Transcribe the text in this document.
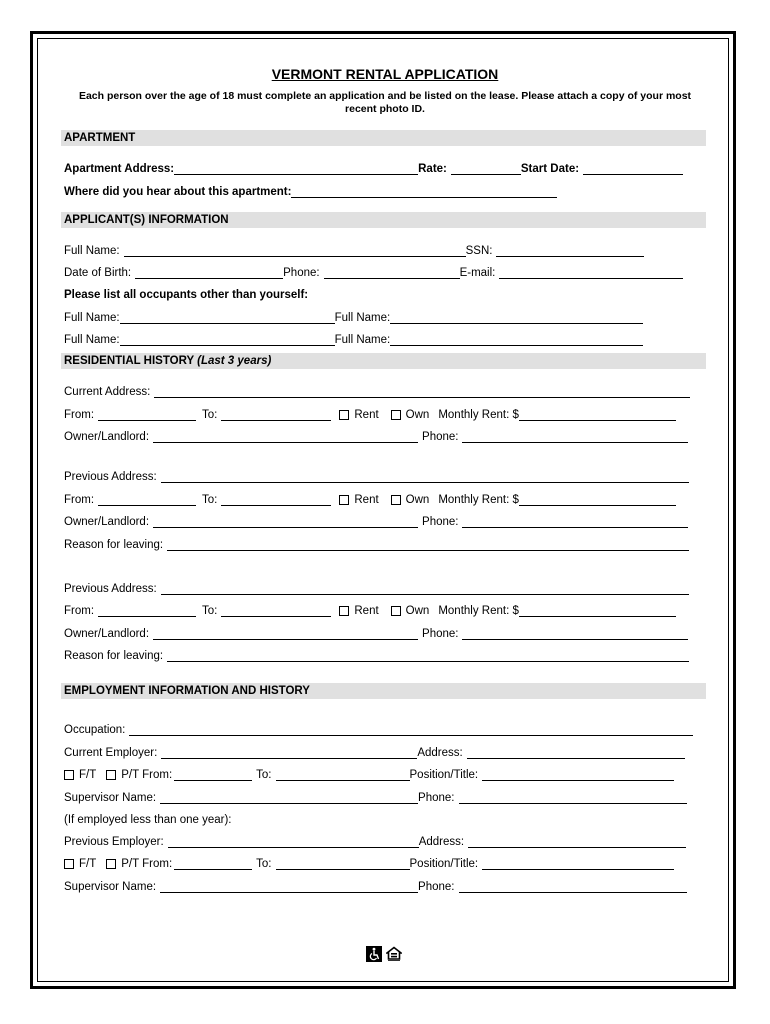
VERMONT RENTAL APPLICATION
Each person over the age of 18 must complete an application and be listed on the lease. Please attach a copy of your most recent photo ID.
APARTMENT
Apartment Address:	Rate:	Start Date:
Where did you hear about this apartment:
APPLICANT(S) INFORMATION
Full Name:	SSN:
Date of Birth:	Phone:	E-mail:
Please list all occupants other than yourself:
Full Name:	Full Name:
Full Name:	Full Name:
RESIDENTIAL HISTORY (Last 3 years)
Current Address:
From:	To:	Rent Own Monthly Rent: $
Owner/Landlord:	Phone:
Previous Address:
From:	To:	Rent Own Monthly Rent: $
Owner/Landlord:	Phone:
Reason for leaving:
Previous Address:
From:	To:	Rent Own Monthly Rent: $
Owner/Landlord:	Phone:
Reason for leaving:
EMPLOYMENT INFORMATION AND HISTORY
Occupation:
Current Employer:	Address:
F/T P/T From:	To:	Position/Title:
Supervisor Name:	Phone:
(If employed less than one year):
Previous Employer:	Address:
F/T P/T From:	To:	Position/Title:
Supervisor Name:	Phone:
